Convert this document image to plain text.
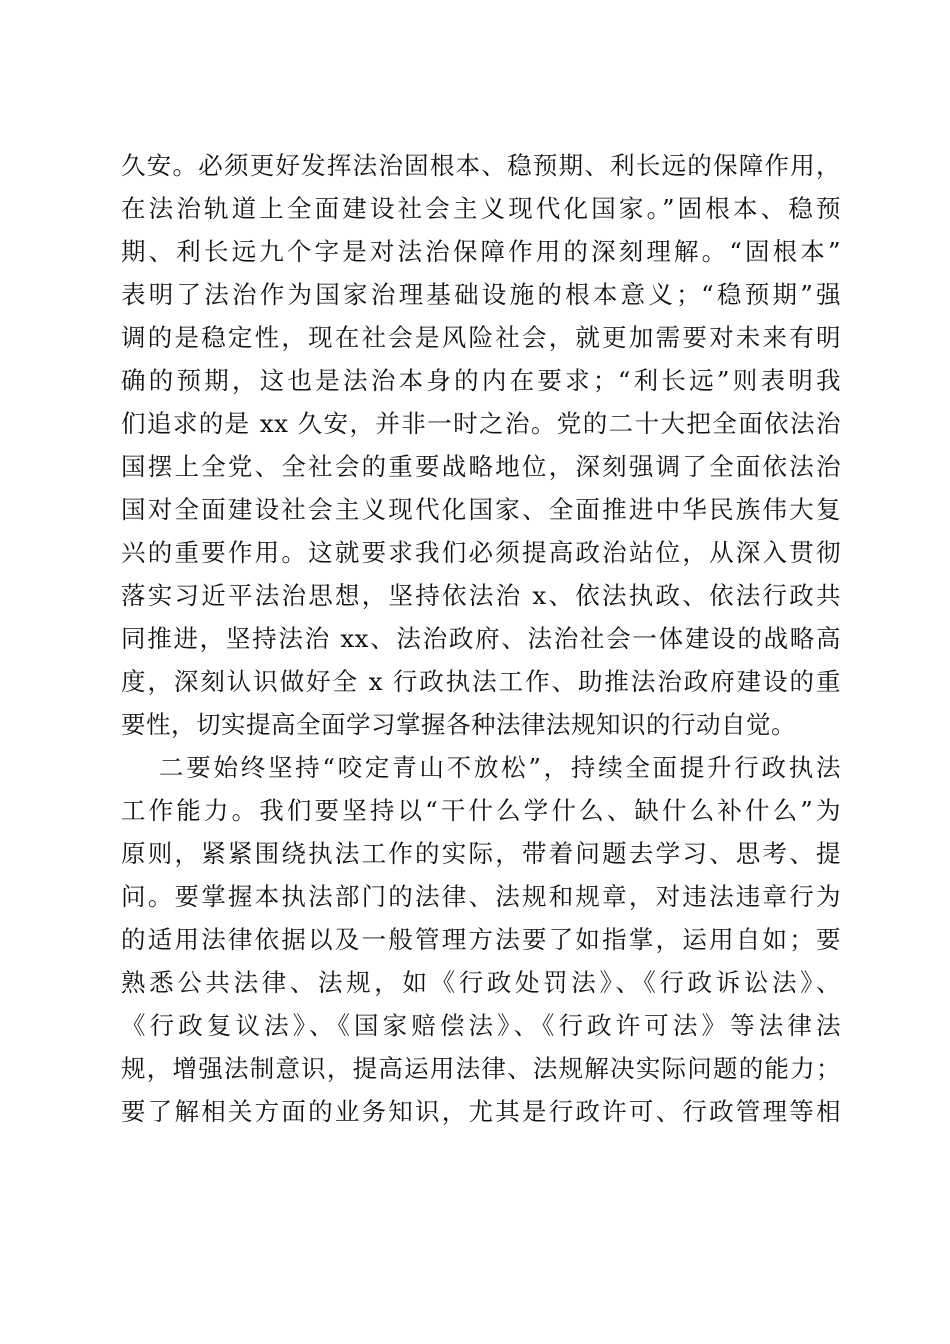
久安。必须更好发挥法治固根本、稳预期、利长远的保障作用，
在法治轨道上全面建设社会主义现代化国家。”固根本、稳预
期、利长远九个字是对法治保障作用的深刻理解。“固根本”
表明了法治作为国家治理基础设施的根本意义；“稳预期”强
调的是稳定性，现在社会是风险社会，就更加需要对未来有明
确的预期，这也是法治本身的内在要求；“利长远”则表明我
们追求的是 xx 久安，并非一时之治。党的二十大把全面依法治
国摆上全党、全社会的重要战略地位，深刻强调了全面依法治
国对全面建设社会主义现代化国家、全面推进中华民族伟大复
兴的重要作用。这就要求我们必须提高政治站位，从深入贯彻
落实习近平法治思想，坚持依法治 x、依法执政、依法行政共
同推进，坚持法治 xx、法治政府、法治社会一体建设的战略高
度，深刻认识做好全 x 行政执法工作、助推法治政府建设的重
要性，切实提高全面学习掌握各种法律法规知识的行动自觉。
二要始终坚持“咬定青山不放松”，持续全面提升行政执法
工作能力。我们要坚持以“干什么学什么、缺什么补什么”为
原则，紧紧围绕执法工作的实际，带着问题去学习、思考、提
问。要掌握本执法部门的法律、法规和规章，对违法违章行为
的适用法律依据以及一般管理方法要了如指掌，运用自如；要
熟悉公共法律、法规，如《行政处罚法》、《行政诉讼法》、
《行政复议法》、《国家赔偿法》、《行政许可法》等法律法
规，增强法制意识，提高运用法律、法规解决实际问题的能力；
要了解相关方面的业务知识，尤其是行政许可、行政管理等相
